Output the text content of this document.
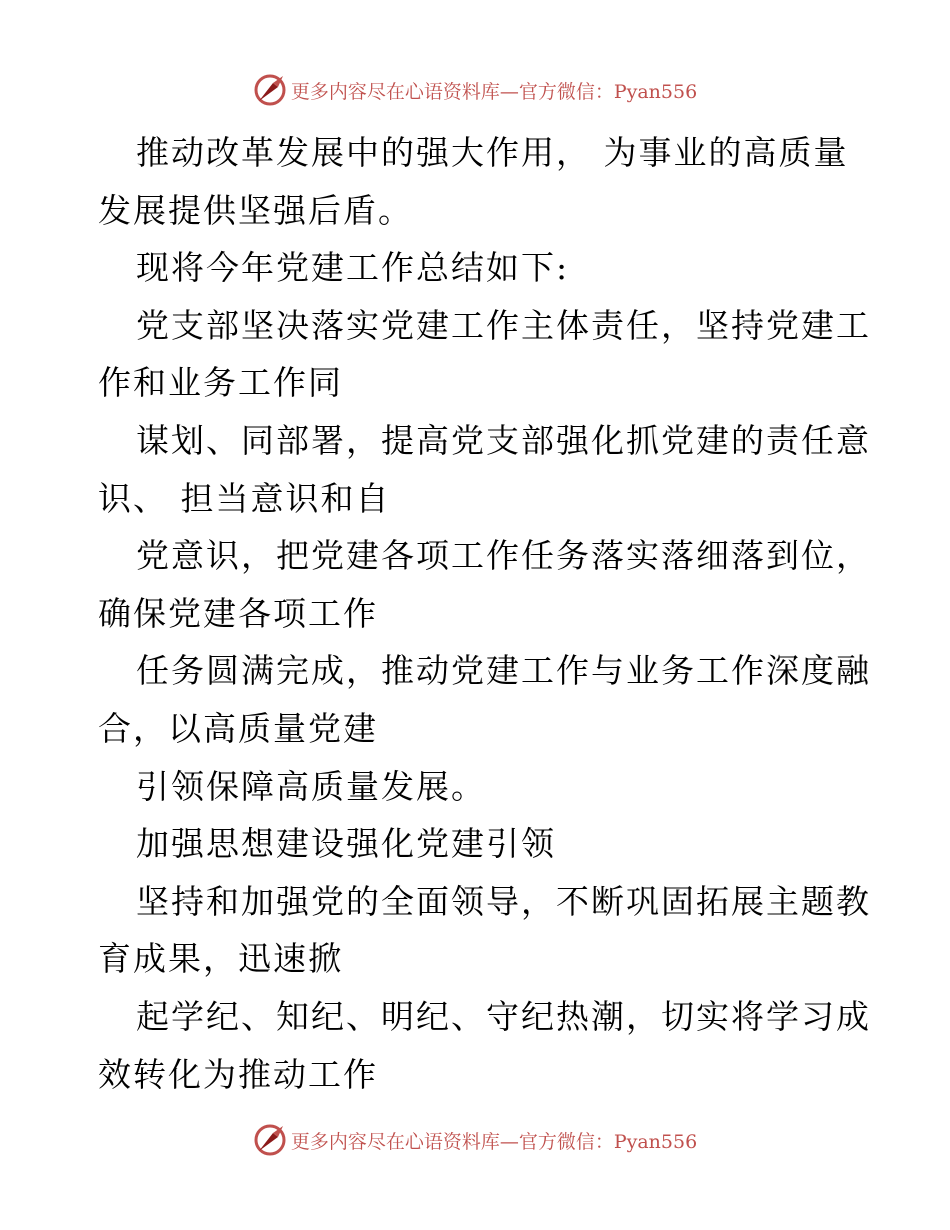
更多内容尽在心语资料库—官方微信：Pyan556
推动改革发展中的强大作用， 为事业的高质量
发展提供坚强后盾。
现将今年党建工作总结如下:
党支部坚决落实党建工作主体责任，坚持党建工
作和业务工作同
谋划、同部署，提高党支部强化抓党建的责任意
识、 担当意识和自
党意识，把党建各项工作任务落实落细落到位，
确保党建各项工作
任务圆满完成，推动党建工作与业务工作深度融
合，以高质量党建
引领保障高质量发展。
加强思想建设强化党建引领
坚持和加强党的全面领导，不断巩固拓展主题教
育成果，迅速掀
起学纪、知纪、明纪、守纪热潮，切实将学习成
效转化为推动工作
更多内容尽在心语资料库—官方微信：Pyan556
